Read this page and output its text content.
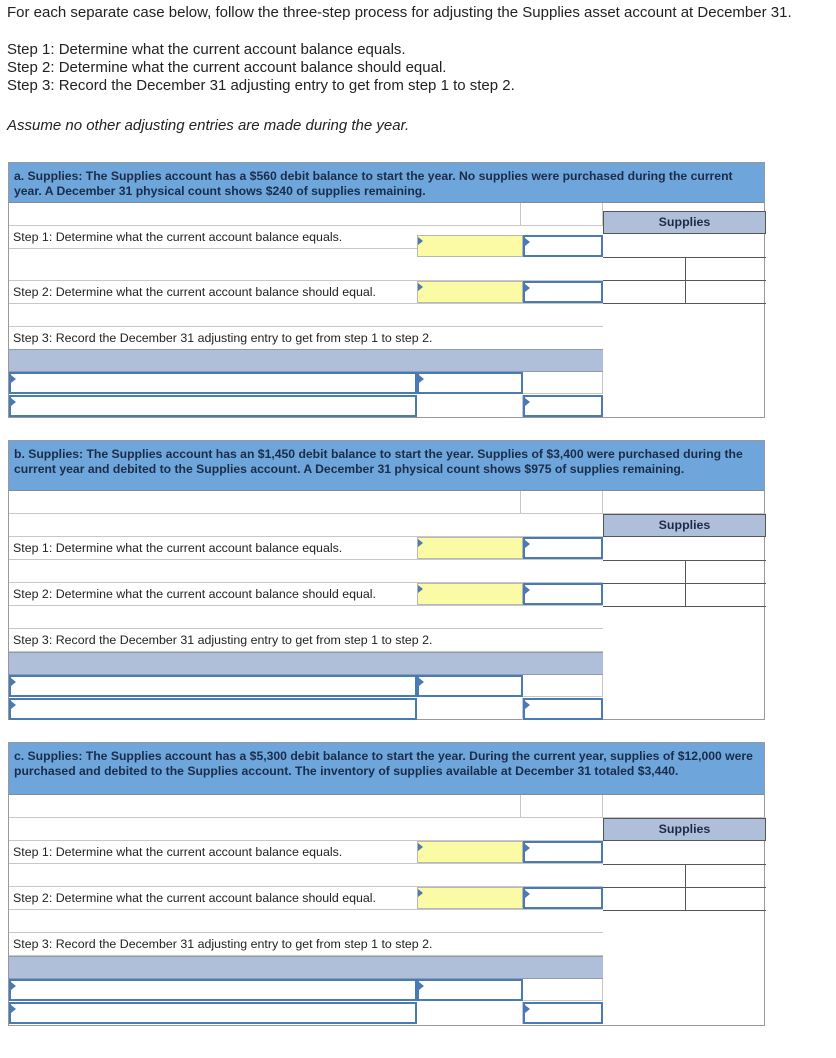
For each separate case below, follow the three-step process for adjusting the Supplies asset account at December 31.
Step 1: Determine what the current account balance equals.
Step 2: Determine what the current account balance should equal.
Step 3: Record the December 31 adjusting entry to get from step 1 to step 2.
Assume no other adjusting entries are made during the year.
a. Supplies: The Supplies account has a $560 debit balance to start the year. No supplies were purchased during the current year. A December 31 physical count shows $240 of supplies remaining.
Supplies
Step 1: Determine what the current account balance equals.
Step 2: Determine what the current account balance should equal.
Step 3: Record the December 31 adjusting entry to get from step 1 to step 2.
b. Supplies: The Supplies account has an $1,450 debit balance to start the year. Supplies of $3,400 were purchased during the current year and debited to the Supplies account. A December 31 physical count shows $975 of supplies remaining.
Supplies
Step 1: Determine what the current account balance equals.
Step 2: Determine what the current account balance should equal.
Step 3: Record the December 31 adjusting entry to get from step 1 to step 2.
c. Supplies: The Supplies account has a $5,300 debit balance to start the year. During the current year, supplies of $12,000 were purchased and debited to the Supplies account. The inventory of supplies available at December 31 totaled $3,440.
Supplies
Step 1: Determine what the current account balance equals.
Step 2: Determine what the current account balance should equal.
Step 3: Record the December 31 adjusting entry to get from step 1 to step 2.
